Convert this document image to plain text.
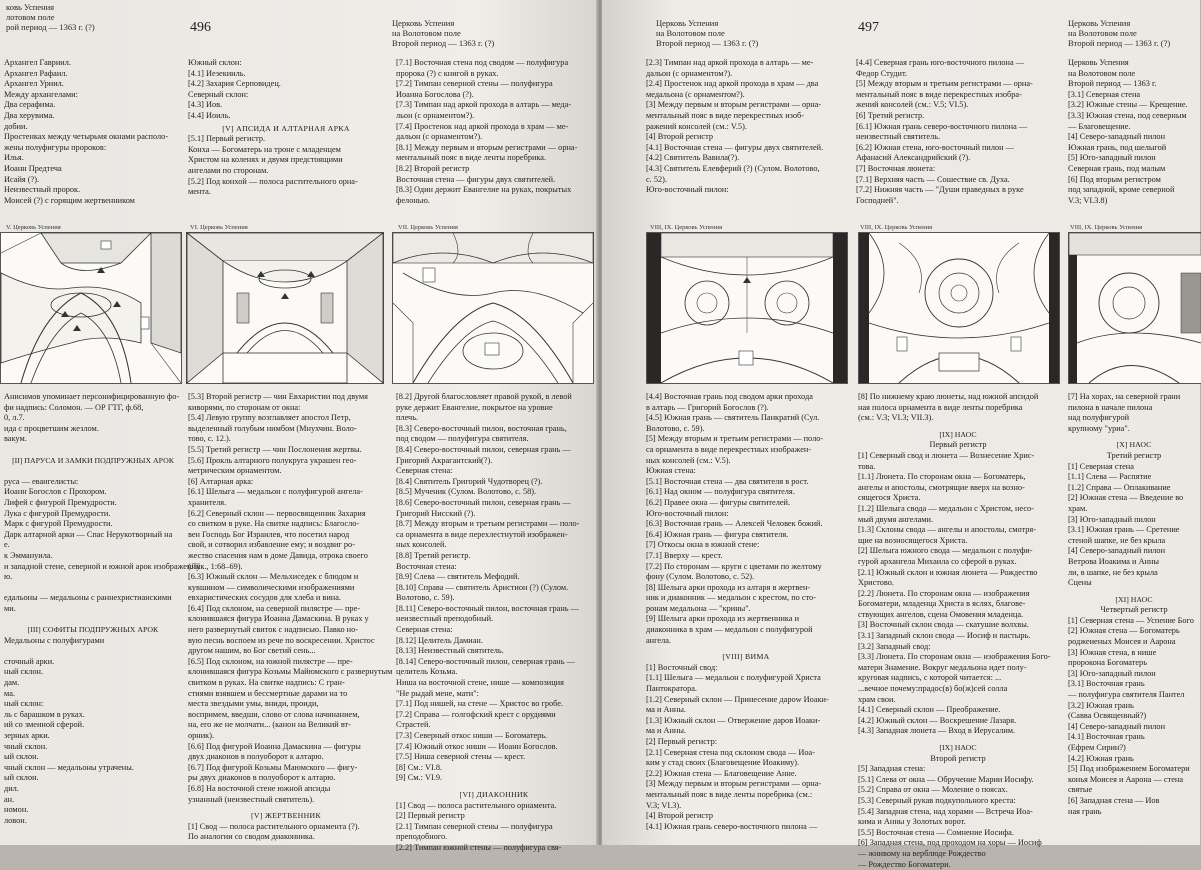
ковь Успения
лотовом поле
рой период — 1363 г. (?)	496	Церковь Успения
на Волотовом поле
Второй период — 1363 г. (?)

Архангел Гавриил.

Архангел Рафаил.

Архангел Уриил.

Между архангелами:

Два серафима.

Два херувима.

добии.

Простенках между четырьмя окнами располо-

жены полуфигуры пророков:

Илья.

Иоанн Предтеча

Исайя (?).

Неизвестный пророк.

Моисей (?) с горящим жертвенником

Южный склон:

[4.1] Иезекииль.

[4.2] Захария Серповидец.

Северный склон:

[4.3] Иов.

[4.4] Иоиль.

[V] АПСИДА И АЛТАРНАЯ АРКА

[5.1] Первый регистр.

Конха — Богоматерь на троне с младенцем

Христом на коленях и двумя предстоящими

ангелами по сторонам.

[5.2] Под конхой — полоса растительного орна-

мента.

[7.1] Восточная стена под сводом — полуфигура

пророка (?) с книгой в руках.

[7.2] Тимпан северной стены — полуфигура

Иоанна Богослова (?).

[7.3] Тимпан над аркой прохода в алтарь — меда-

льон (с орнаментом?).

[7.4] Простенок над аркой прохода в храм — ме-

дальон (с орнаментом?).

[8.1] Между первым и вторым регистрами — орна-

ментальный пояс в виде ленты поребрика.

[8.2] Второй регистр

Восточная стена — фигуры двух святителей.

[8.3] Один держит Евангелие на руках, покрытых

фелонью.

V. Церковь Успения	VI. Церковь Успения	VII. Церковь Успения

Анисимов упоминает персонифицированную фо-

фи надпись: Соломон. — ОР ГТГ, ф.68,

0, л.7.

ида с процветшим жезлом.

вакум.

[II] ПАРУСА И ЗАМКИ ПОДПРУЖНЫХ АРОК

русa — евангелисты:

Иоанн Богослов с Прохором.

Лифей с фигурой Премудрости.

Лука с фигурой Премудрости.

Марк с фигурой Премудрости.

Дарк алтарной арки — Спас Нерукотворный на

е.

к Эммануила.

и западной стене, северной и южной арок изображений

ю.

едальоны — медальоны с раннехристианскими

ми.

[III] СОФИТЫ ПОДПРУЖНЫХ АРОК

Медальоны с полуфигурами

сточный арки.

ный склон.

дам.

ма.

ный склон:

ль с барашком в руках.

ий со змеиной сферой.

зерных арки.

чный склон.

ый склон.

чный склон — медальоны утрачены.

ый склон.

дил.

ан.

номон.

ловон.

[5.3] Второй регистр — чин Евхаристии под двумя

киворями, по сторонам от окна:

[5.4] Левую группу возглавляет апостол Петр,

выделенный голубым нимбом (Мнухчин. Воло-

тово, с. 12.).

[5.5] Третий регистр — чин Послонения жертвы.

[5.6] Прокль алтарного полукруга украшен гео-

метрическим орнаментом.

[6] Алтарная арка:

[6.1] Шелыга — медальон с полуфигурой ангела-

хранителя.

[6.2] Северный склон — первосвященник Захария

со свитком в руке. На свитке надпись: Благосло-

вен Господь Бог Израилев, что посетил народ

свой, и сотворил избавление ему; и воздвиг ро-

жество спасения нам в доме Давида, отрока своего

(Лук., 1:68–69).

[6.3] Южный склон — Мельхиседек с блюдом и

кувшином — символическими изображениями

евхаристических сосудов для хлеба и вина.

[6.4] Под склоном, на северной пилястре — пре-

клонившаяся фигура Иоанна Дамаскина. В руках у

него развернутый свиток с надписью. Павко но-

вую песнь воспоем из рече по воскресении. Христос

другом нашим, во Бог светий сень...

[6.5] Под склоном, на южной пилястре — пре-

клонившаяся фигура Козьмы Майюмского с развернутым

свитком в руках. На свитке надпись: С гран-

стиями взявшем и бессмертные дарами на то

места звездыми умы, вниди, проиди,

воспримем, введши, слово от слова начинанием,

на, его же не молчати... (канон на Великий вт-

орник).

[6.6] Под фигурой Иоанна Дамаскина — фигуры

двух диаконов в полуоборот к алтарю.

[6.7] Под фигурой Козьмы Маюмского — фигу-

ры двух диаконов в полуоборот к алтарю.

[6.8] На восточной стене южной апсиды

узнанный (неизвестный святитель).

[V] ЖЕРТВЕННИК

[1] Свод — полоса растительного орнамента (?).

По аналогии со сводом диаконника.

[8.2] Другой благословляет правой рукой, в левой

руке держит Евангелие, покрытое на уровне

плечь.

[8.3] Северо-восточный пилон, восточная грань,

под сводом — полуфигура святителя.

[8.4] Северо-восточный пилон, северная грань —

Григорий Акрагантский(?).

Северная стена:

[8.4] Святитель Григорий Чудотворец (?).

[8.5] Мученик (Сулом. Волотово, с. 58).

[8.6] Северо-восточный пилон, северная грань —

Григорий Нисский (?).

[8.7] Между вторым и третьим регистрами — поло-

са орнамента в виде перехлестнутой изображен-

ных консолей.

[8.8] Третий регистр.

Восточная стена:

[8.9] Слева — святитель Мефодий.

[8.10] Справа — святитель Аристион (?) (Сулом.

Волотово, с. 59).

[8.11] Северо-восточный пилон, восточная грань —

неизвестный преподобный.

Северная стена:

[8.12] Целитель Дамиан.

[8.13] Неизвестный святитель.

[8.14] Северо-восточный пилон, северная грань —

целитель Козьма.

Ниша на восточной стене, нише — композиция

"Не рыдай мене, мати":

[7.1] Под нишей, на стене — Христос во гробе.

[7.2] Справа — голгофский крест с орудиями

Страстей.

[7.3] Северный откос ниши — Богоматерь.

[7.4] Южный откос ниши — Иоанн Богослов.

[7.5] Ниша северной стены — крест.

[8] См.: VI.8.

[9] См.: VI.9.

[VI] ДИАКОННИК

[1] Свод — полоса растительного орнамента.

[2] Первый регистр

[2.1] Тимпан северной стены — полуфигура

преподобного.

[2.2] Тимпан южной стены — полуфигура свя-

Церковь Успения
на Волотовом поле
Второй период — 1363 г. (?)
497	Церковь Успения
на Волотовом поле
Второй период — 1363 г. (?)

[2.3] Тимпан над аркой прохода в алтарь — ме-

дальон (с орнаментом?).

[2.4] Простенок над аркой прохода в храм — два

медальона (с орнаментом?).

[3] Между первым и вторым регистрами — орна-

ментальный пояс в виде перекрестных изоб-

ражений консолей (см.: V.5).

[4] Второй регистр

[4.1] Восточная стена — фигуры двух святителей.

[4.2] Святитель Вавила(?).

[4.3] Святитель Елевферий (?) (Сулом. Волотово,

с. 52).

Юго-восточный пилон:

[4.4] Северная грань юго-восточного пилона —

Федор Студит.

[5] Между вторым и третьим регистрами — орна-

ментальный пояс в виде перекрестных изобра-

жений консолей (см.: V.5; VI.5).

[6] Третий регистр.

[6.1] Южная грань северо-восточного пилона —

неизвестный святитель.

[6.2] Южная стена, юго-восточный пилон —

Афанасий Александрийский (?).

[7] Восточная люнета:

[7.1] Верхняя часть — Сошествие св. Духа.

[7.2] Нижняя часть — "Души праведных в руке

Господней".

Церковь Успения

на Волотовом поле

Второй период — 1363 г.

[3.1] Северная стена

[3.2] Южные стены — Крещение.

[3.3] Южная стена, под северным

— Благовещение.

[4] Северо-западный пилон

Южная грань, под шелыгой

[5] Юго-западный пилон

Северная грань, под малым

[6] Под вторым регистром

под западной, кроме северной

V.3; VI.3.8)

VIII, IX. Церковь Успения	VIII, IX. Церковь Успения	VIII, IX. Церковь Успения

[4.4] Восточная грань под сводом арки прохода

в алтарь — Григорий Богослов (?).

[4.5] Южная грань — святитель Панкратий (Сул.

Волотово, с. 59).

[5] Между вторым и третьим регистрами — поло-

са орнамента в виде перекрестных изображен-

ных консолей (см.: V.5).

Южная стена:

[5.1] Восточная стена — два святителя в рост.

[6.1] Над окном — полуфигура святителя.

[6.2] Правее окна — фигуры святителей.

Юго-восточный пилон:

[6.3] Восточная грань — Алексей Человек божий.

[6.4] Южная грань — фигура святителя.

[7] Откосы окна в южной стене:

[7.1] Вверху — крест.

[7.2] По сторонам — круги с цветами по желтому

фону (Сулом. Волотово, с. 52).

[8] Шелыга арки прохода из алтаря в жертвен-

ник и диаконник — медальон с крестом, по сто-

ронам медальона — "крины".

[9] Шелыга арки прохода из жертвенника и

диаконника в храм — медальон с полуфигурой

ангела.

[VIII] ВИМА

[1] Восточный свод:

[1.1] Шелыга — медальон с полуфигурой Христа

Пантократора.

[1.2] Северный склон — Принесение дароw Иоаки-

ма и Анны.

[1.3] Южный склон — Отвержение даров Иоаки-

ма и Анны.

[2] Первый регистр:

[2.1] Северная стена под склоном свода — Иоа-

ким у стад своих (Благовещение Иоакиму).

[2.2] Южная стена — Благовещение Анне.

[3] Между первым и вторым регистрами — орна-

ментальный пояс в виде ленты поребрика (см.:

V.3; VI.3).

[4] Второй регистр

[4.1] Южная грань северо-восточного пилона —

[8] По нижнему краю люнеты, над южной апсидой

ная полоса орнамента в виде ленты поребрика

(см.: V.3; VI.3; VII.3).

[IX] НАОС

Первый регистр

[1] Северный свод и люнета — Вознесение Хрис-

това.

[1.1] Люнета. По сторонам окна — Богоматерь,

ангелы и апостолы, смотрящие вверх на возно-

сящегося Христа.

[1.2] Шелыга свода — медальон с Христом, несо-

мый двумя ангелами.

[1.3] Склоны свода — ангелы и апостолы, смотря-

щие на возносящегося Христа.

[2] Шелыга южного свода — медальон с полуфи-

гурой архангела Михаила со сферой в руках.

[2.1] Южный склон и южная люнета — Рождество

Христово.

[2.2] Люнета. По сторонам окна — изображения

Богоматери, младенца Христа в яслях, благове-

ствующих ангелов, сцена Омовения младенца.

[3] Восточный склон свода — скатушие волхвы.

[3.1] Западный склон свода — Иосиф и пастырь.

[3.2] Западный свод:

[3.3] Люнета. По сторонам окна — изображения Бого-

матери Знамение. Вокруг медальона идет полу-

круговая надпись, с которой читается: ...

...вечное почему:прадос(в) бо(ж)сей солла

храм свои.

[4.1] Северный склон — Преображение.

[4.2] Южный склон — Воскрешение Лазаря.

[4.3] Западная люнета — Вход в Иерусалим.

[IX] НАОС

Второй регистр

[5] Западная стена:

[5.1] Слева от окна — Обручение Марии Иосифу.

[5.2] Справа от окна — Моление о поясах.

[5.3] Северный рукав подкупольного креста:

[5.4] Западная стена, над хорами — Встреча Иоа-

кима и Анны у Золотых ворот.

[5.5] Восточная стена — Сомнение Иосифа.

[6] Западная стена, под проходом на хоры — Иосиф

— жнивому на верблюде Рождество

— Рождество Богоматери.

[7] На хорах, на северной грани

пилона в начале пилона

над полуфигурой

крупному "уриа".

[X] НАОС

Третий регистр

[1] Северная стена

[1.1] Слева — Распятие

[1.2] Справа — Оплакивание

[2] Южная стена — Введение во

храм.

[3] Юго-западный пилон

[3.1] Южная грань — Сретение

стеной шапке, не без крыла

[4] Северо-западный пилон

Ветрова Иоакима и Анны

ли, в шапке, не без крыла

Сцены

[XI] НАОС

Четвертый регистр

[1] Северная стена — Успение Бого

[2] Южная стена — Богоматерь

роджеиеных Моисея и Аарона

[3] Южная стена, в нише

пророкона Богоматерь

[3] Юго-западный пилон

[3.1] Восточная грань

— полуфигура святителя Пантел

[3.2] Южная грань

(Савва Освященный?)

[4] Северо-западный пилон

[4.1] Восточная грань

(Ефрем Сирин?)

[4.2] Южная грань

[5] Под изображением Богоматери

конья Моисея и Аарона — стена

святые

[6] Западная стена — Иов

ная грань
